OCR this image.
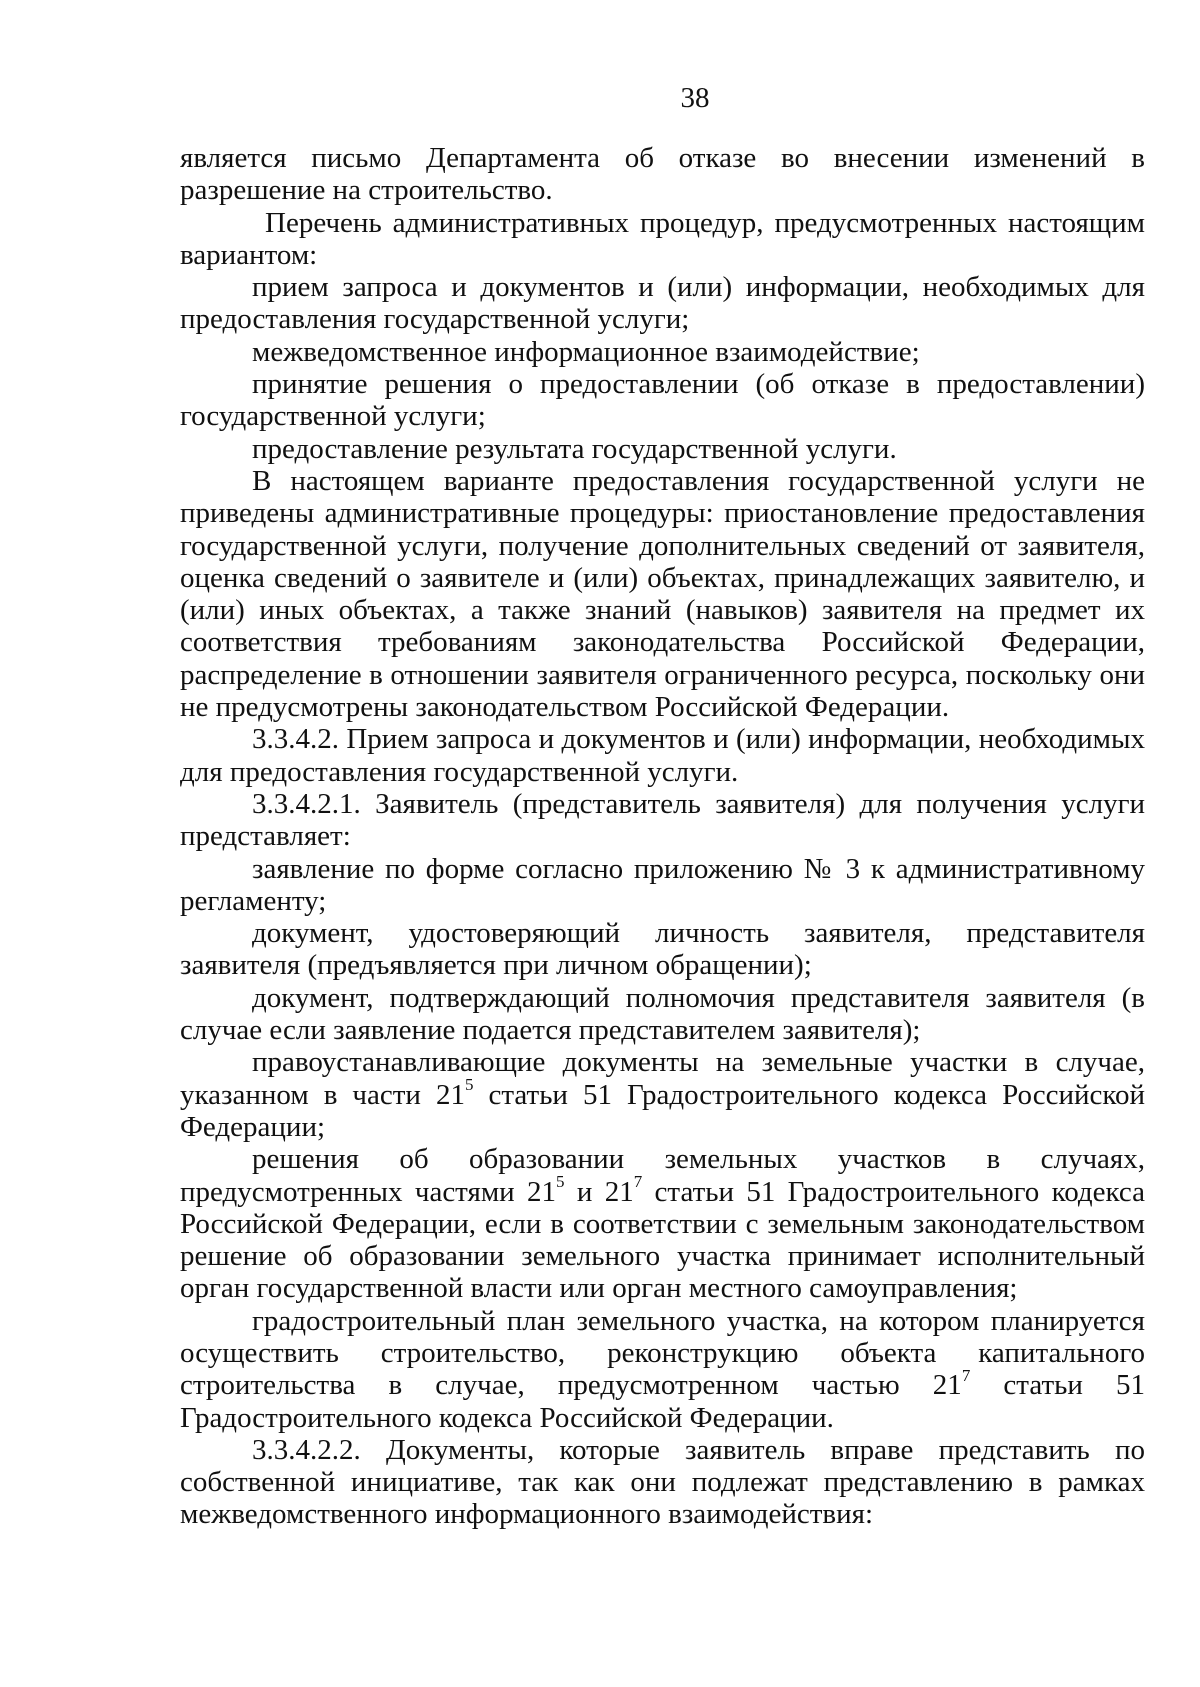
38

является письмо Департамента об отказе во внесении изменений в разрешение на строительство.

Перечень административных процедур, предусмотренных настоящим вариантом:

прием запроса и документов и (или) информации, необходимых для предоставления государственной услуги;

межведомственное информационное взаимодействие;

принятие решения о предоставлении (об отказе в предоставлении) государственной услуги;

предоставление результата государственной услуги.

В настоящем варианте предоставления государственной услуги не приведены административные процедуры: приостановление предоставления государственной услуги, получение дополнительных сведений от заявителя, оценка сведений о заявителе и (или) объектах, принадлежащих заявителю, и (или) иных объектах, а также знаний (навыков) заявителя на предмет их соответствия требованиям законодательства Российской Федерации, распределение в отношении заявителя ограниченного ресурса, поскольку они не предусмотрены законодательством Российской Федерации.

3.3.4.2. Прием запроса и документов и (или) информации, необходимых для предоставления государственной услуги.

3.3.4.2.1. Заявитель (представитель заявителя) для получения услуги представляет:

заявление по форме согласно приложению № 3 к административному регламенту;

документ, удостоверяющий личность заявителя, представителя заявителя (предъявляется при личном обращении);

документ, подтверждающий полномочия представителя заявителя (в случае если заявление подается представителем заявителя);

правоустанавливающие документы на земельные участки в случае, указанном в части $21^5$ статьи 51 Градостроительного кодекса Российской Федерации;

решения об образовании земельных участков в случаях, предусмотренных частями $21^5$ и $21^7$ статьи 51 Градостроительного кодекса Российской Федерации, если в соответствии с земельным законодательством решение об образовании земельного участка принимает исполнительный орган государственной власти или орган местного самоуправления;

градостроительный план земельного участка, на котором планируется осуществить строительство, реконструкцию объекта капитального строительства в случае, предусмотренном частью $21^7$ статьи 51 Градостроительного кодекса Российской Федерации.

3.3.4.2.2. Документы, которые заявитель вправе представить по собственной инициативе, так как они подлежат представлению в рамках межведомственного информационного взаимодействия:
